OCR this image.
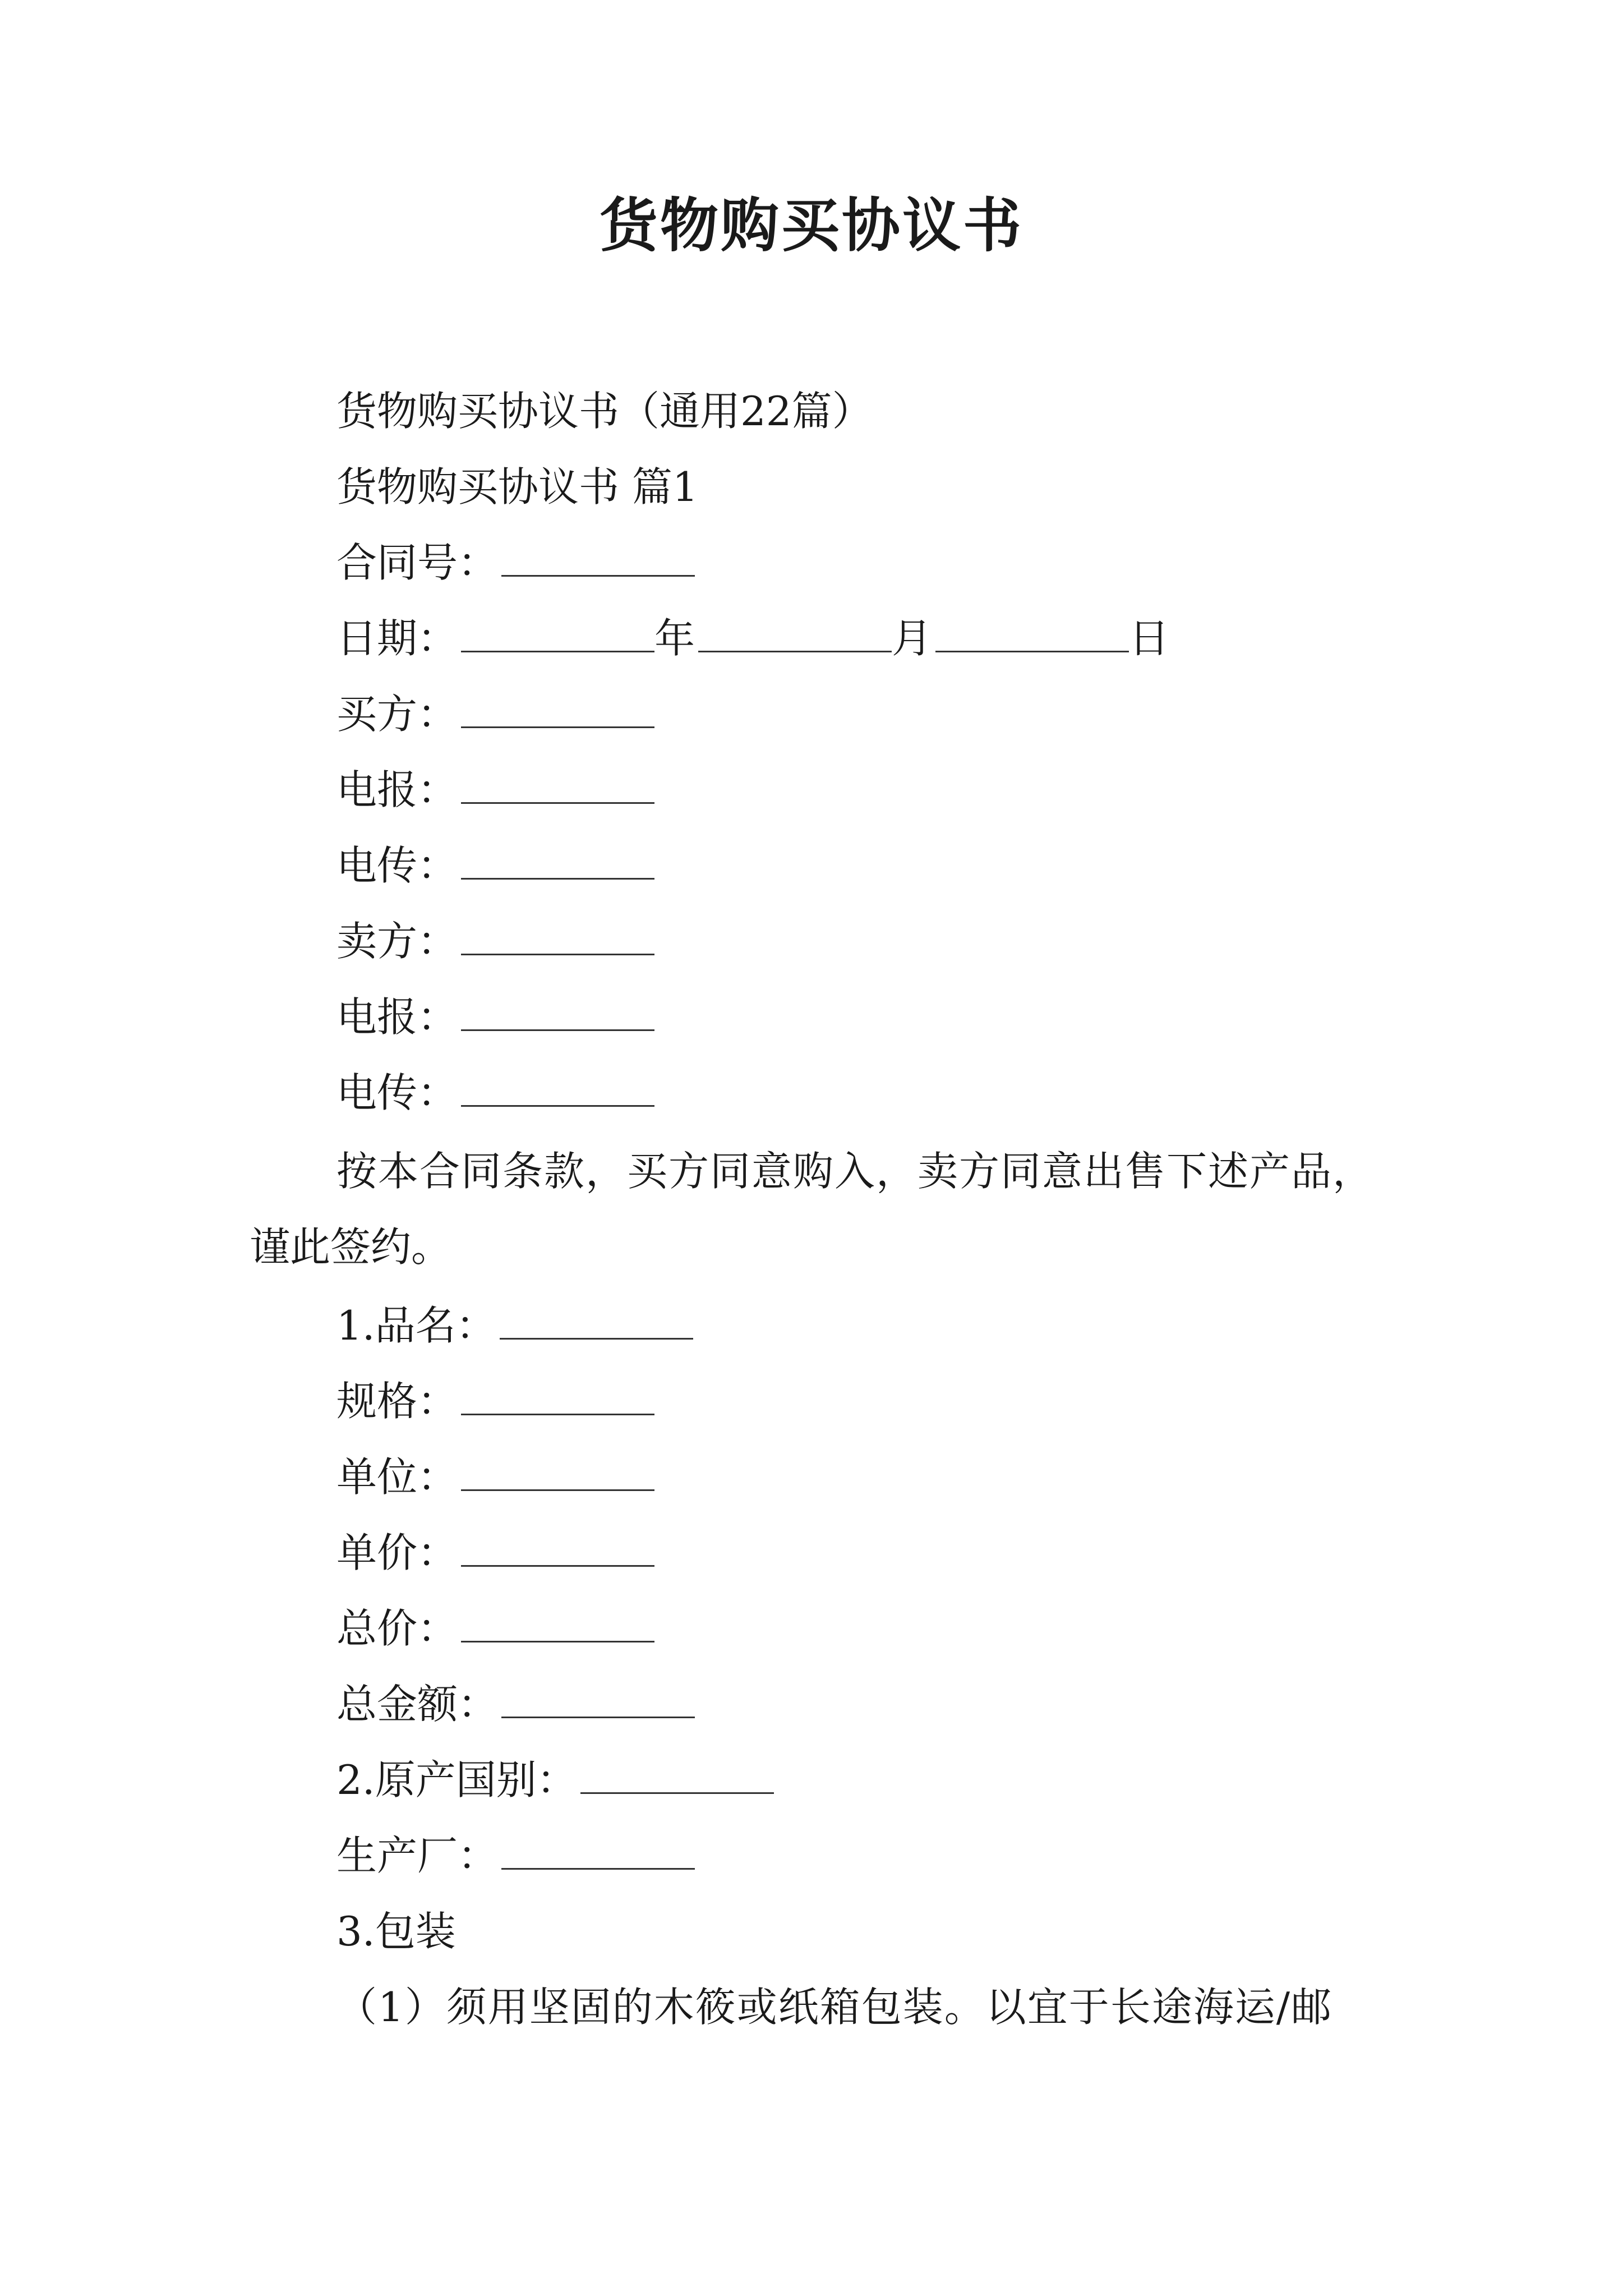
货物购买协议书
货物购买协议书（通用22篇）
货物购买协议书 篇1
合同号：
日期：	年	月	日
买方：
电报：
电传：
卖方：
电报：
电传：
按本合同条款，买方同意购入，卖方同意出售下述产品，
谨此签约。
1.品名：
规格：
单位：
单价：
总价：
总金额：
2.原产国别：
生产厂：
3.包装
（1）须用坚固的木筱或纸箱包装。以宜于长途海运/邮
